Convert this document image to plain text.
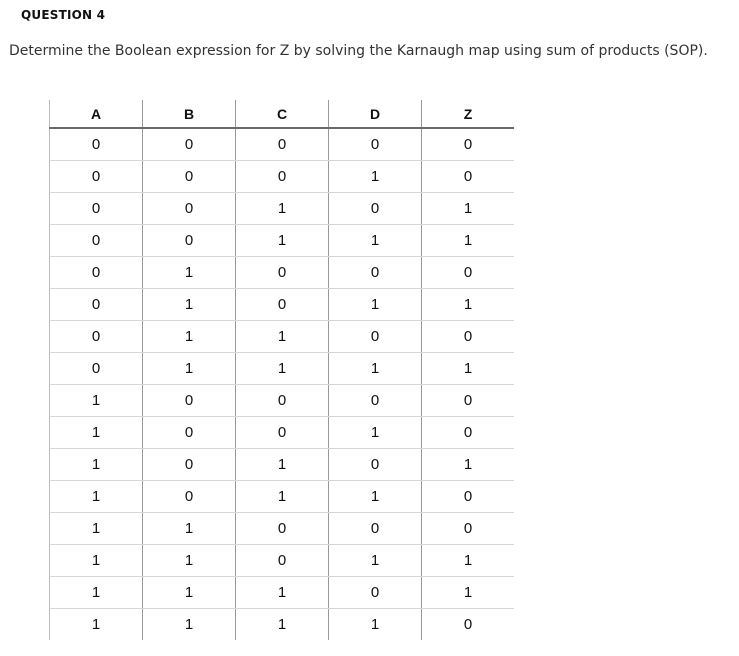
QUESTION 4
Determine the Boolean expression for Z by solving the Karnaugh map using sum of products (SOP).
A	B	C	D	Z
0	0	0	0	0
0	0	0	1	0
0	0	1	0	1
0	0	1	1	1
0	1	0	0	0
0	1	0	1	1
0	1	1	0	0
0	1	1	1	1
1	0	0	0	0
1	0	0	1	0
1	0	1	0	1
1	0	1	1	0
1	1	0	0	0
1	1	0	1	1
1	1	1	0	1
1	1	1	1	0
